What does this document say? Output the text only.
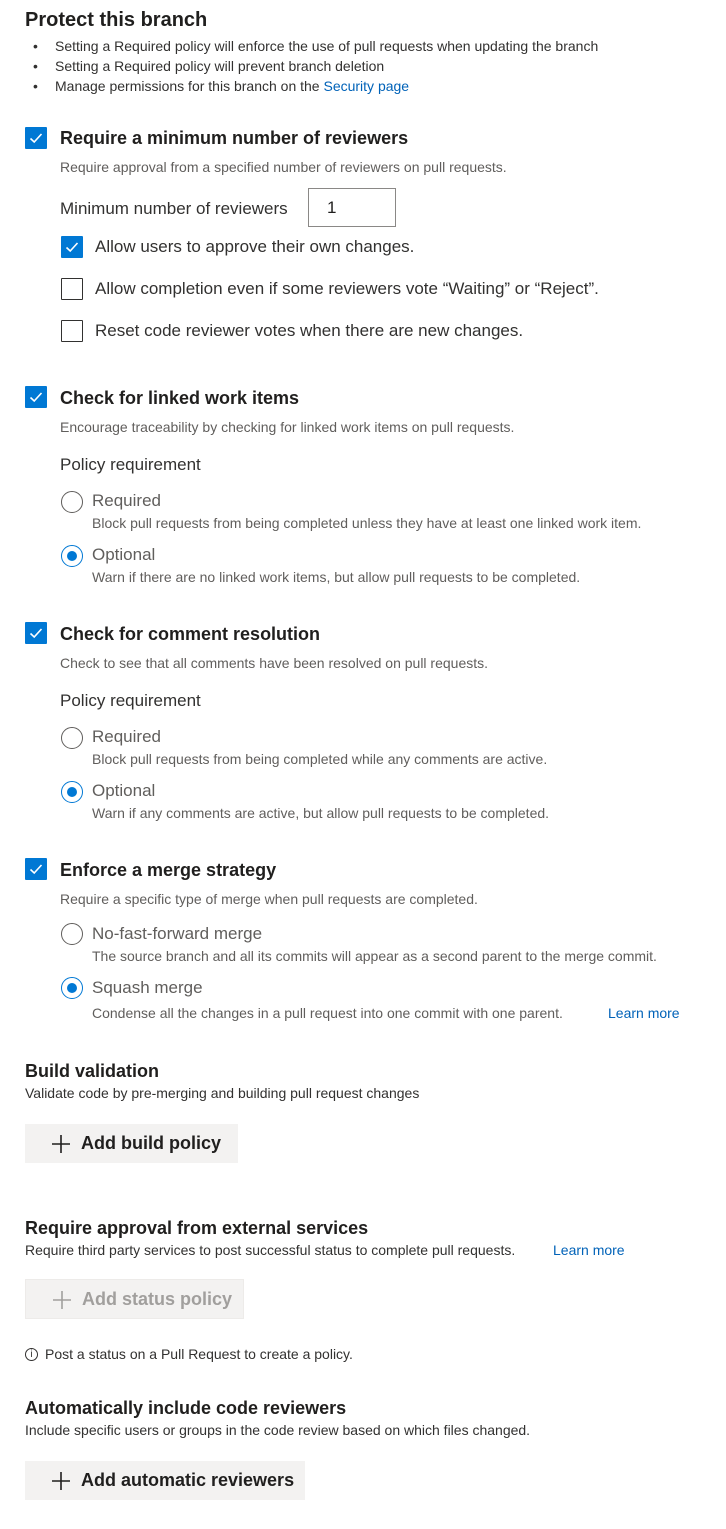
Protect this branch
• Setting a Required policy will enforce the use of pull requests when updating the branch
• Setting a Required policy will prevent branch deletion
• Manage permissions for this branch on the Security page
Require a minimum number of reviewers
Require approval from a specified number of reviewers on pull requests.
Minimum number of reviewers
1
Allow users to approve their own changes.
Allow completion even if some reviewers vote “Waiting” or “Reject”.
Reset code reviewer votes when there are new changes.
Check for linked work items
Encourage traceability by checking for linked work items on pull requests.
Policy requirement
Required
Block pull requests from being completed unless they have at least one linked work item.
Optional
Warn if there are no linked work items, but allow pull requests to be completed.
Check for comment resolution
Check to see that all comments have been resolved on pull requests.
Policy requirement
Required
Block pull requests from being completed while any comments are active.
Optional
Warn if any comments are active, but allow pull requests to be completed.
Enforce a merge strategy
Require a specific type of merge when pull requests are completed.
No-fast-forward merge
The source branch and all its commits will appear as a second parent to the merge commit.
Squash merge
Condense all the changes in a pull request into one commit with one parent.	Learn more
Build validation
Validate code by pre-merging and building pull request changes
Add build policy
Require approval from external services
Require third party services to post successful status to complete pull requests.	Learn more
Add status policy
i Post a status on a Pull Request to create a policy.
Automatically include code reviewers
Include specific users or groups in the code review based on which files changed.
Add automatic reviewers
